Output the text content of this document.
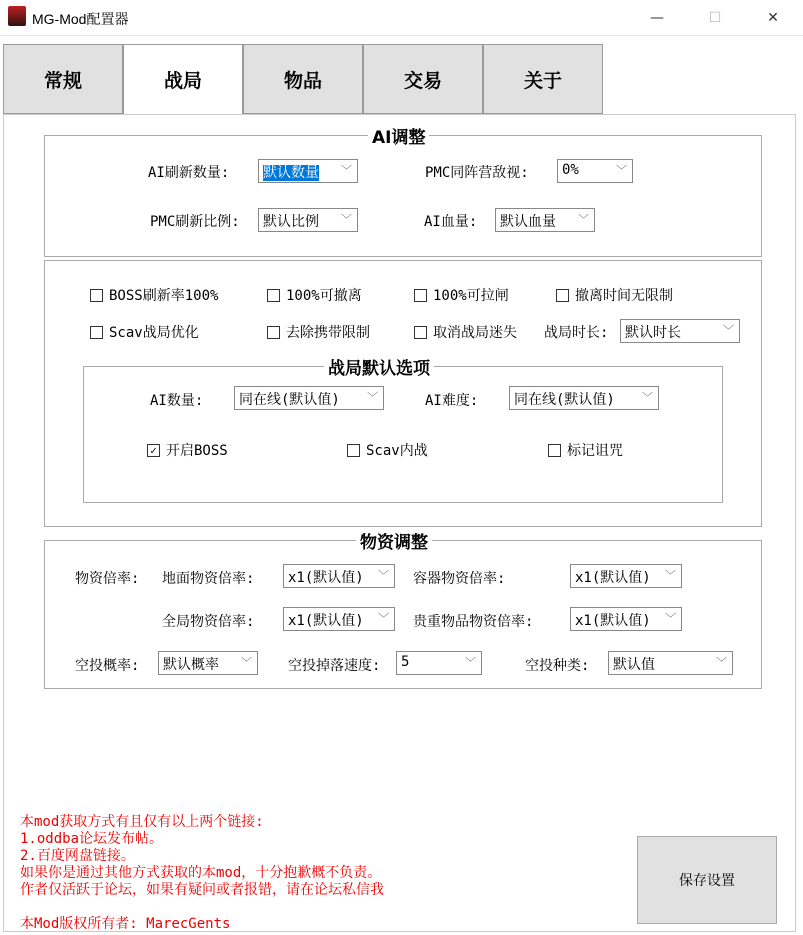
MG-Mod配置器	—	☐	✕
常规	战局	物品	交易	关于
AI调整
AI刷新数量:	默认数量 ﹀	PMC同阵营敌视:	0%	﹀
PMC刷新比例:	默认比例 ﹀	AI血量:	默认血量 ﹀
BOSS刷新率100%	100%可撤离	100%可拉闸	撤离时间无限制
Scav战局优化	去除携带限制	取消战局迷失 战局时长:	默认时长	﹀
战局默认选项
AI数量:	同在线(默认值) ﹀	AI难度:	同在线(默认值) ﹀
✓ 开启BOSS	Scav内战	标记诅咒
物资调整
物资倍率: 地面物资倍率:	x1(默认值) ﹀ 容器物资倍率:	x1(默认值) ﹀
全局物资倍率:	x1(默认值) ﹀ 贵重物品物资倍率:	x1(默认值) ﹀
空投概率:	默认概率 ﹀	空投掉落速度:	5	﹀	空投种类:	默认值	﹀
本mod获取方式有且仅有以上两个链接:
1.oddba论坛发布帖。
2.百度网盘链接。
如果你是通过其他方式获取的本mod，十分抱歉概不负责。
作者仅活跃于论坛，如果有疑问或者报错，请在论坛私信我
本Mod版权所有者: MarecGents
保存设置
